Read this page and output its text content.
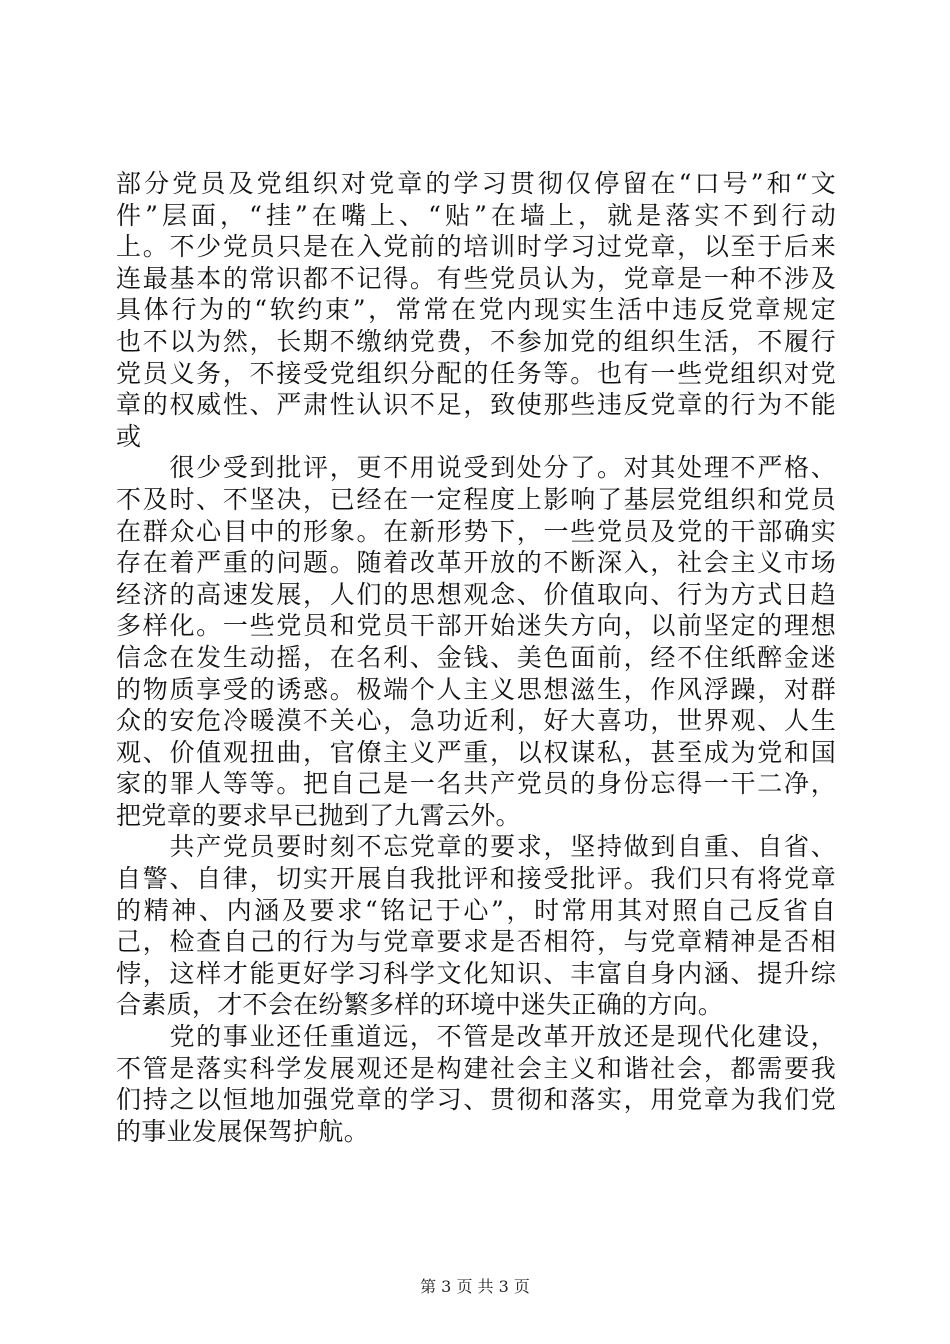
部分党员及党组织对党章的学习贯彻仅停留在“口号”和“文
件”层面，“挂”在嘴上、“贴”在墙上，就是落实不到行动
上。不少党员只是在入党前的培训时学习过党章，以至于后来
连最基本的常识都不记得。有些党员认为，党章是一种不涉及
具体行为的“软约束”，常常在党内现实生活中违反党章规定
也不以为然，长期不缴纳党费，不参加党的组织生活，不履行
党员义务，不接受党组织分配的任务等。也有一些党组织对党
章的权威性、严肃性认识不足，致使那些违反党章的行为不能
或
　　很少受到批评，更不用说受到处分了。对其处理不严格、
不及时、不坚决，已经在一定程度上影响了基层党组织和党员
在群众心目中的形象。在新形势下，一些党员及党的干部确实
存在着严重的问题。随着改革开放的不断深入，社会主义市场
经济的高速发展，人们的思想观念、价值取向、行为方式日趋
多样化。一些党员和党员干部开始迷失方向，以前坚定的理想
信念在发生动摇，在名利、金钱、美色面前，经不住纸醉金迷
的物质享受的诱惑。极端个人主义思想滋生，作风浮躁，对群
众的安危冷暖漠不关心，急功近利，好大喜功，世界观、人生
观、价值观扭曲，官僚主义严重，以权谋私，甚至成为党和国
家的罪人等等。把自己是一名共产党员的身份忘得一干二净，
把党章的要求早已抛到了九霄云外。
　　共产党员要时刻不忘党章的要求，坚持做到自重、自省、
自警、自律，切实开展自我批评和接受批评。我们只有将党章
的精神、内涵及要求“铭记于心”，时常用其对照自己反省自
己，检查自己的行为与党章要求是否相符，与党章精神是否相
悖，这样才能更好学习科学文化知识、丰富自身内涵、提升综
合素质，才不会在纷繁多样的环境中迷失正确的方向。
　　党的事业还任重道远，不管是改革开放还是现代化建设，
不管是落实科学发展观还是构建社会主义和谐社会，都需要我
们持之以恒地加强党章的学习、贯彻和落实，用党章为我们党
的事业发展保驾护航。
第 3 页 共 3 页
